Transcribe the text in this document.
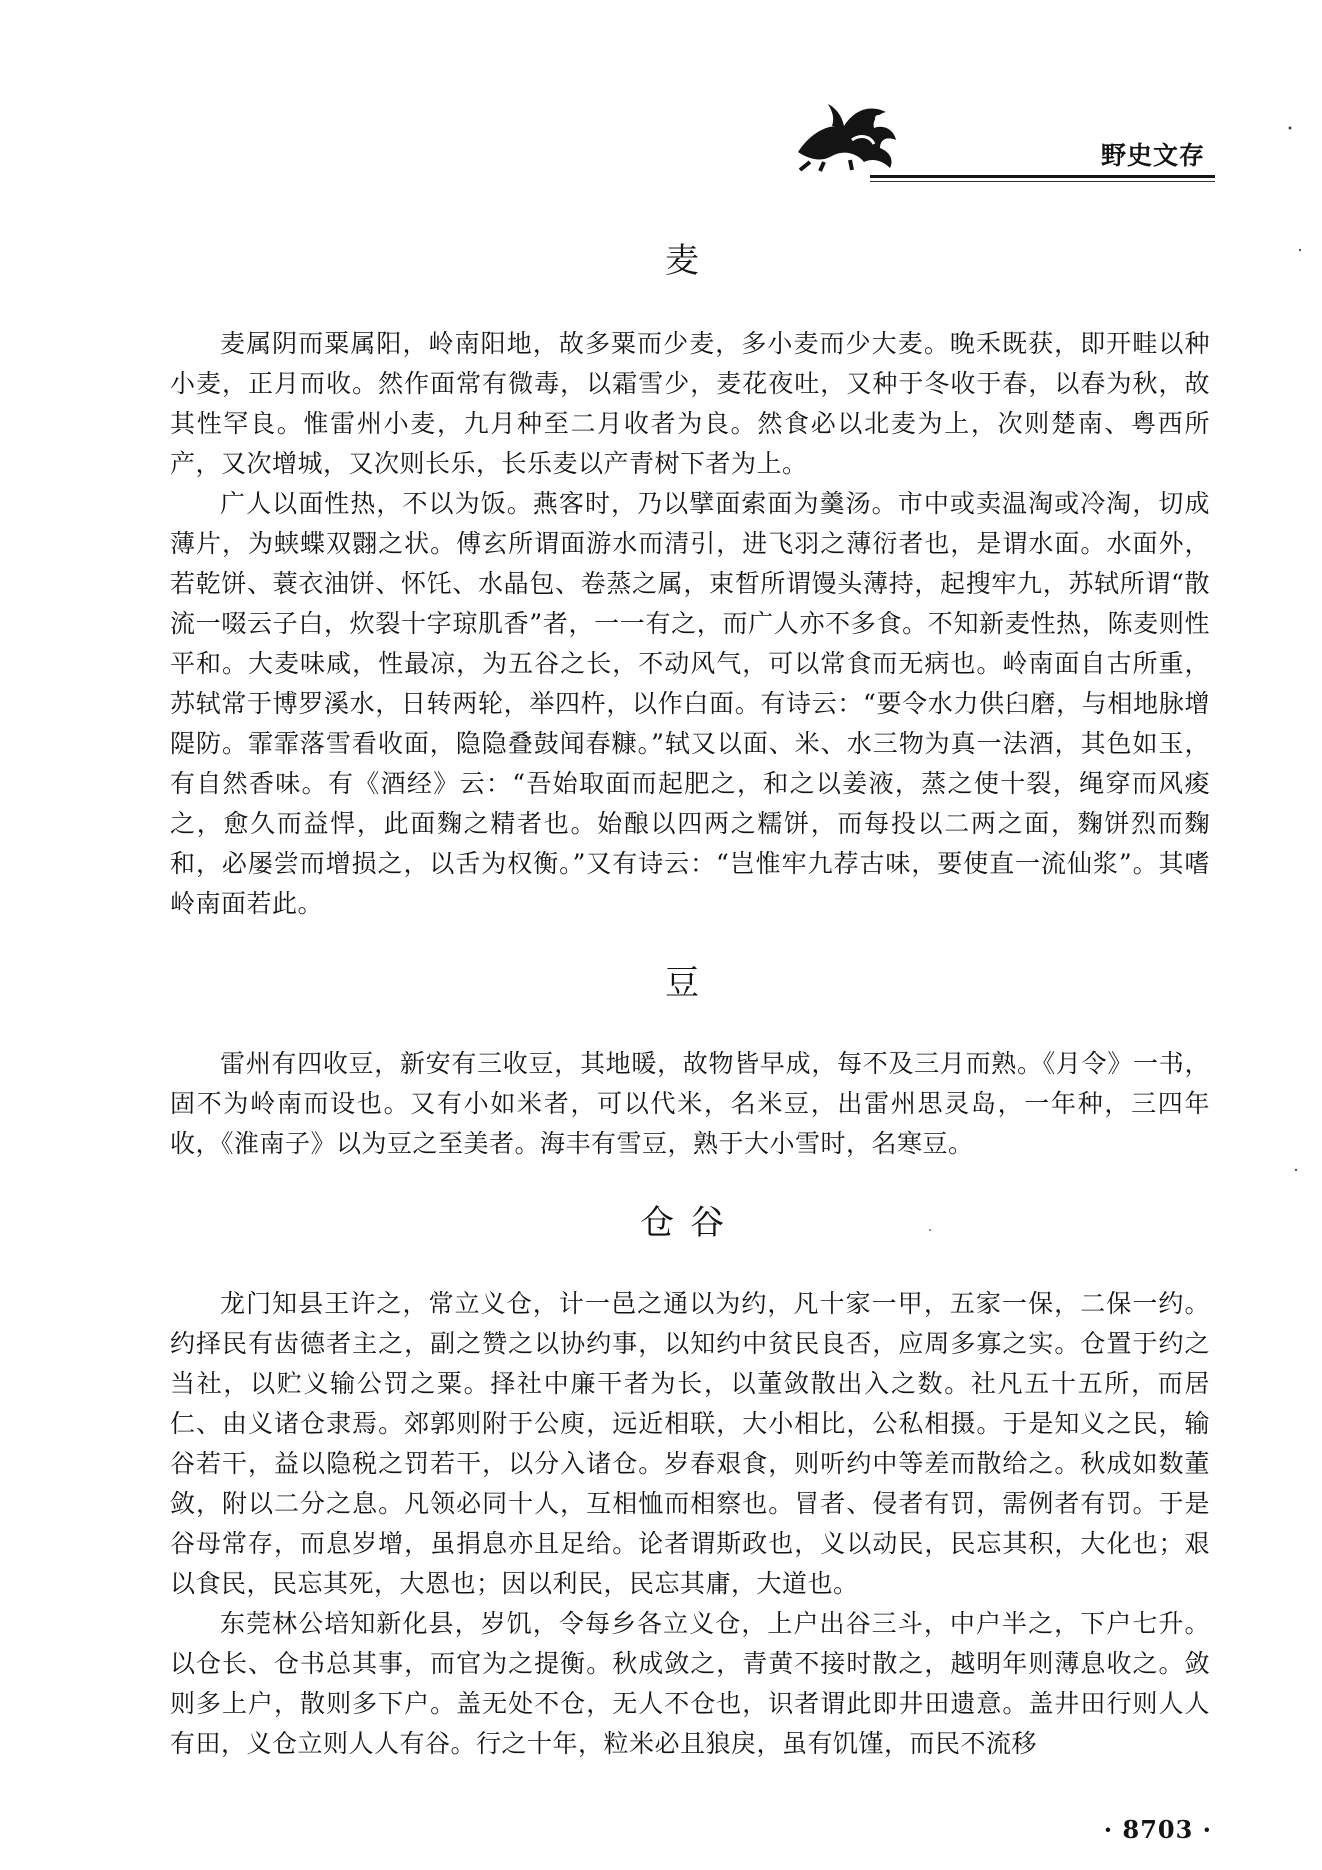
野史文存
麦

麦属阴而粟属阳，岭南阳地，故多粟而少麦，多小麦而少大麦。晚禾既获，即开畦以种小麦，正月而收。然作面常有微毒，以霜雪少，麦花夜吐，又种于冬收于春，以春为秋，故其性罕良。惟雷州小麦，九月种至二月收者为良。然食必以北麦为上，次则楚南、粤西所产，又次增城，又次则长乐，长乐麦以产青树下者为上。

广人以面性热，不以为饭。燕客时，乃以擘面索面为羹汤。市中或卖温淘或冷淘，切成薄片，为蛱蝶双翾之状。傅玄所谓面游水而清引，进飞羽之薄衍者也，是谓水面。水面外，若乾饼、蓑衣油饼、怀饦、水晶包、卷蒸之属，束晳所谓馒头薄持，起搜牢九，苏轼所谓“散流一啜云子白，炊裂十字琼肌香”者，一一有之，而广人亦不多食。不知新麦性热，陈麦则性平和。大麦味咸，性最凉，为五谷之长，不动风气，可以常食而无病也。岭南面自古所重，苏轼常于博罗溪水，日转两轮，举四杵，以作白面。有诗云：“要令水力供臼磨，与相地脉增隄防。霏霏落雪看收面，隐隐叠鼓闻春糠。”轼又以面、米、水三物为真一法酒，其色如玉，有自然香味。有《酒经》云：“吾始取面而起肥之，和之以姜液，蒸之使十裂，绳穿而风痠之，愈久而益悍，此面麴之精者也。始酿以四两之糯饼，而每投以二两之面，麴饼烈而麴和，必屡尝而增损之，以舌为权衡。”又有诗云：“岂惟牢九荐古味，要使直一流仙浆”。其嗜岭南面若此。

豆

雷州有四收豆，新安有三收豆，其地暖，故物皆早成，每不及三月而熟。《月令》一书，固不为岭南而设也。又有小如米者，可以代米，名米豆，出雷州思灵岛，一年种，三四年收，《淮南子》以为豆之至美者。海丰有雪豆，熟于大小雪时，名寒豆。

仓谷

龙门知县王许之，常立义仓，计一邑之通以为约，凡十家一甲，五家一保，二保一约。约择民有齿德者主之，副之赞之以协约事，以知约中贫民良否，应周多寡之实。仓置于约之当社，以贮义输公罚之粟。择社中廉干者为长，以董敛散出入之数。社凡五十五所，而居仁、由义诸仓隶焉。郊郭则附于公庾，远近相联，大小相比，公私相摄。于是知义之民，输谷若干，益以隐税之罚若干，以分入诸仓。岁春艰食，则听约中等差而散给之。秋成如数董敛，附以二分之息。凡领必同十人，互相恤而相察也。冒者、侵者有罚，需例者有罚。于是谷母常存，而息岁增，虽捐息亦且足给。论者谓斯政也，义以动民，民忘其积，大化也；艰以食民，民忘其死，大恩也；因以利民，民忘其庸，大道也。

东莞林公培知新化县，岁饥，令每乡各立义仓，上户出谷三斗，中户半之，下户七升。以仓长、仓书总其事，而官为之提衡。秋成敛之，青黄不接时散之，越明年则薄息收之。敛则多上户，散则多下户。盖无处不仓，无人不仓也，识者谓此即井田遗意。盖井田行则人人有田，义仓立则人人有谷。行之十年，粒米必且狼戾，虽有饥馑，而民不流移

· 8703 ·
